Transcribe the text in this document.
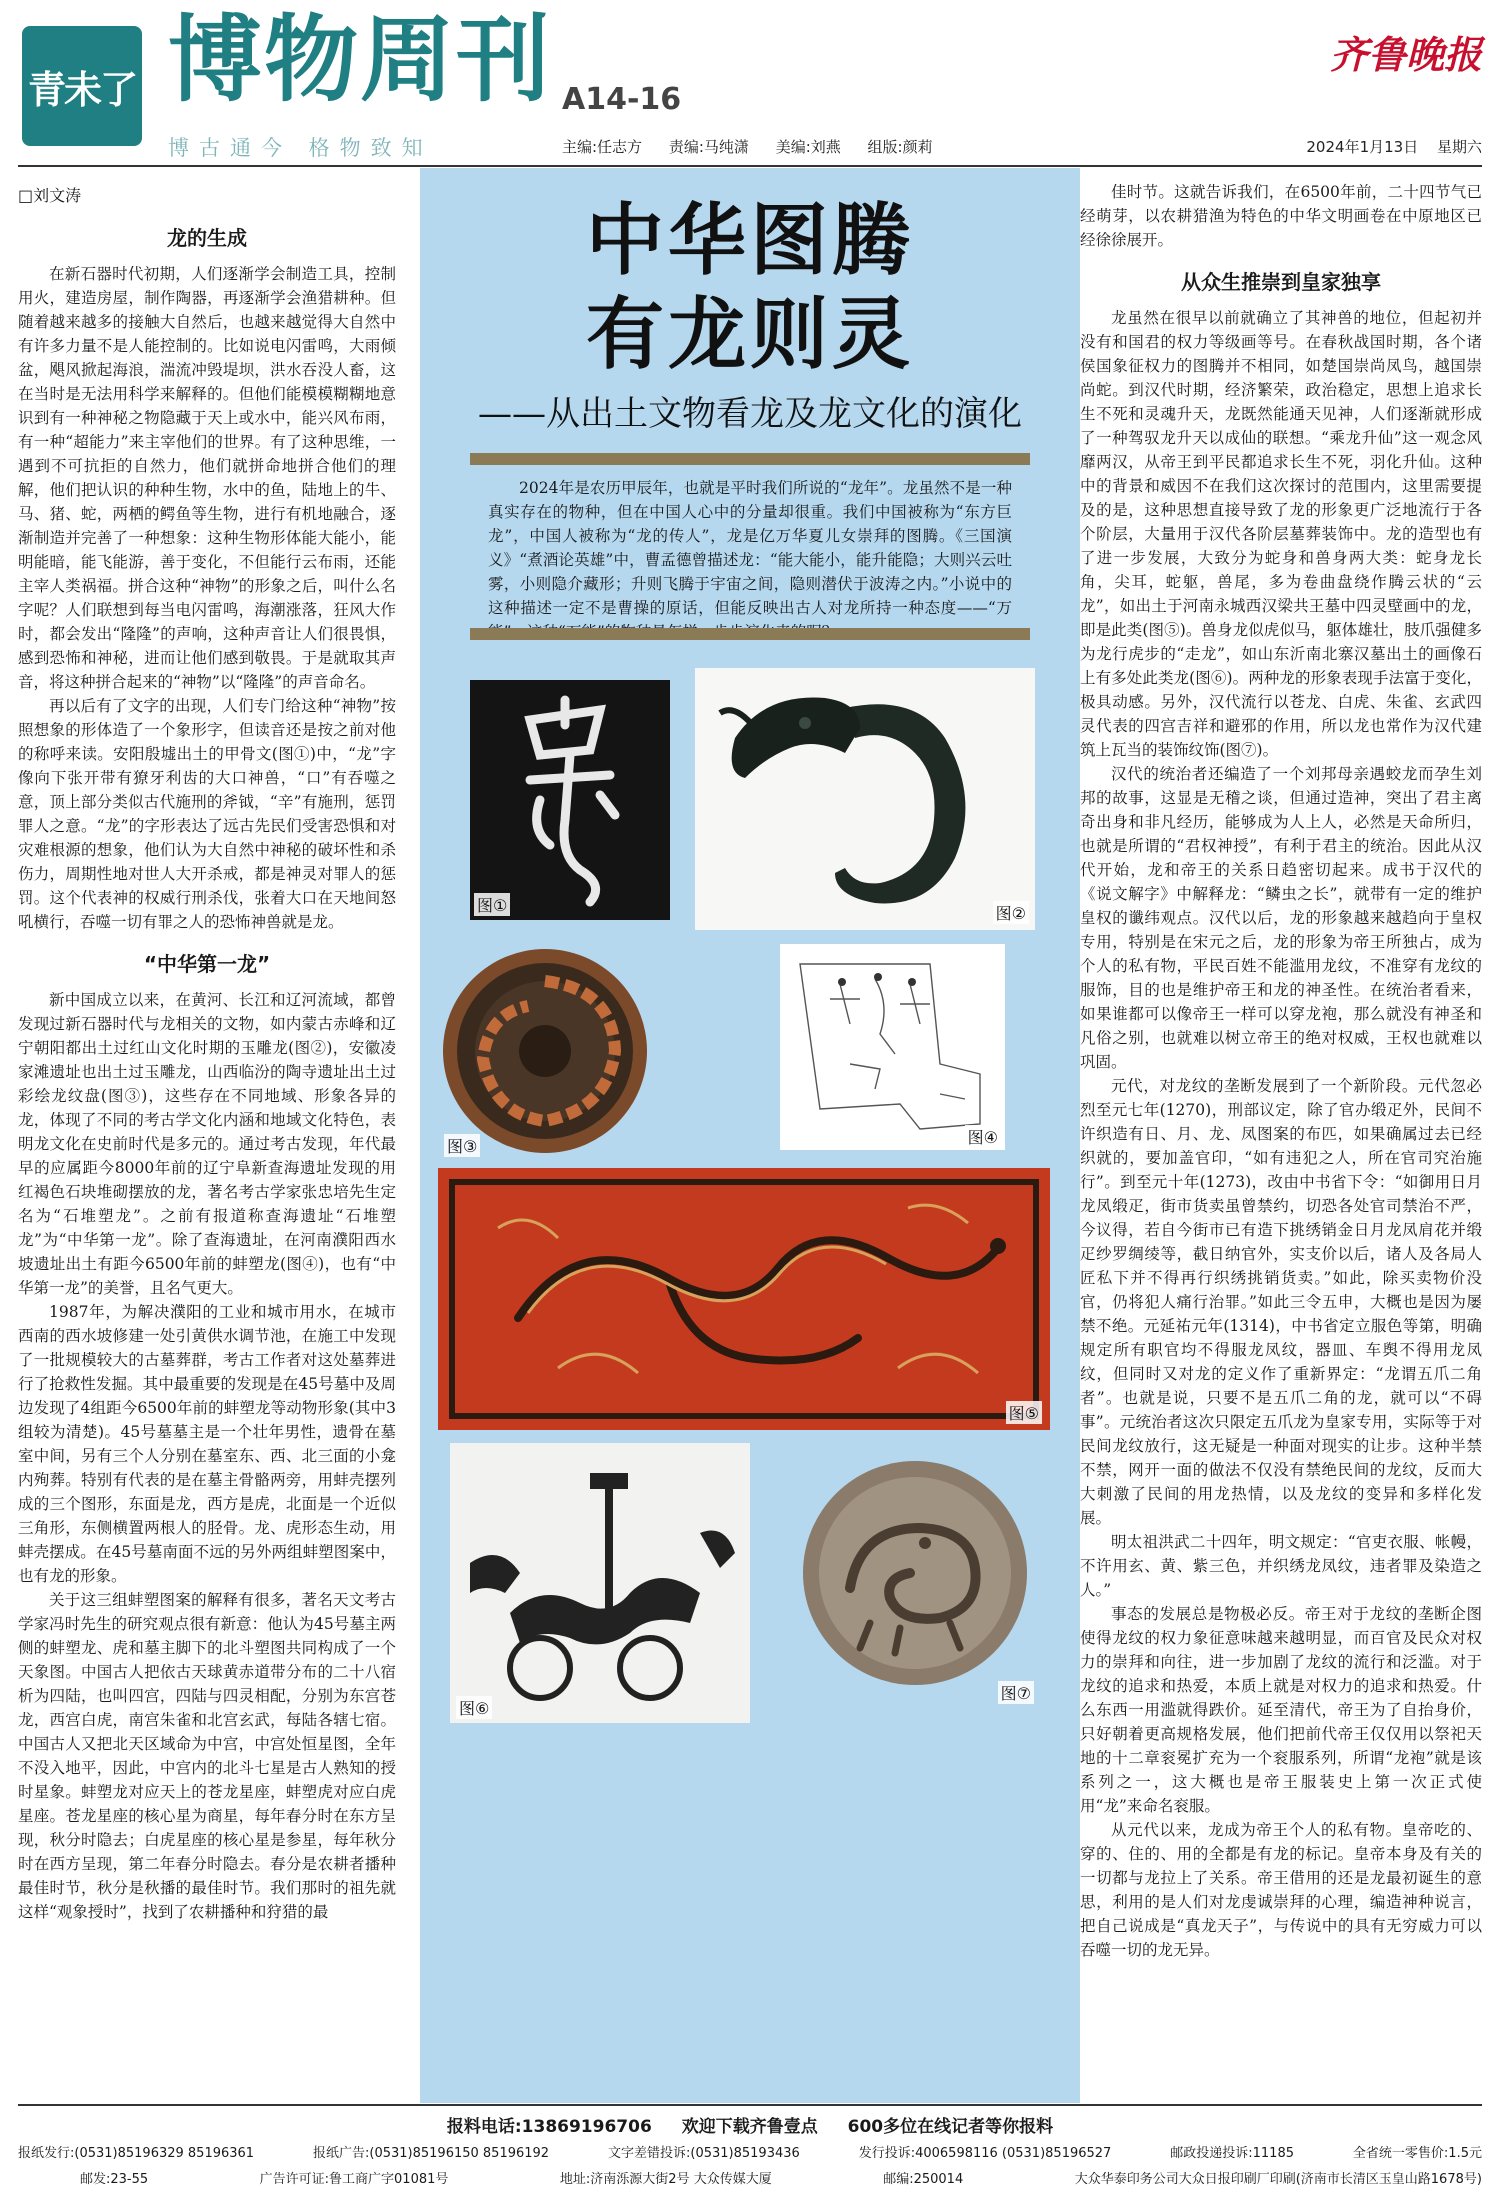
青未了 博物周刊 A14-16
齐鲁晚报
博古通今 格物致知	主编:任志方 责编:马纯潇 美编:刘燕 组版:颜莉	2024年1月13日 星期六
□刘文涛
龙的生成

在新石器时代初期，人们逐渐学会制造工具，控制用火，建造房屋，制作陶器，再逐渐学会渔猎耕种。但随着越来越多的接触大自然后，也越来越觉得大自然中有许多力量不是人能控制的。比如说电闪雷鸣，大雨倾盆，飓风掀起海浪，湍流冲毁堤坝，洪水吞没人畜，这在当时是无法用科学来解释的。但他们能模模糊糊地意识到有一种神秘之物隐藏于天上或水中，能兴风布雨，有一种“超能力”来主宰他们的世界。有了这种思维，一遇到不可抗拒的自然力，他们就拼命地拼合他们的理解，他们把认识的种种生物，水中的鱼，陆地上的牛、马、猪、蛇，两栖的鳄鱼等生物，进行有机地融合，逐渐制造并完善了一种想象：这种生物形体能大能小，能明能暗，能飞能游，善于变化，不但能行云布雨，还能主宰人类祸福。拼合这种“神物”的形象之后，叫什么名字呢？人们联想到每当电闪雷鸣，海潮涨落，狂风大作时，都会发出“隆隆”的声响，这种声音让人们很畏惧，感到恐怖和神秘，进而让他们感到敬畏。于是就取其声音，将这种拼合起来的“神物”以“隆隆”的声音命名。

再以后有了文字的出现，人们专门给这种“神物”按照想象的形体造了一个象形字，但读音还是按之前对他的称呼来读。安阳殷墟出土的甲骨文(图①)中，“龙”字像向下张开带有獠牙利齿的大口神兽，“口”有吞噬之意，顶上部分类似古代施刑的斧钺，“辛”有施刑，惩罚罪人之意。“龙”的字形表达了远古先民们受害恐惧和对灾难根源的想象，他们认为大自然中神秘的破坏性和杀伤力，周期性地对世人大开杀戒，都是神灵对罪人的惩罚。这个代表神的权威行刑杀伐，张着大口在天地间怒吼横行，吞噬一切有罪之人的恐怖神兽就是龙。

“中华第一龙”

新中国成立以来，在黄河、长江和辽河流域，都曾发现过新石器时代与龙相关的文物，如内蒙古赤峰和辽宁朝阳都出土过红山文化时期的玉雕龙(图②)，安徽凌家滩遗址也出土过玉雕龙，山西临汾的陶寺遗址出土过彩绘龙纹盘(图③)，这些存在不同地域、形象各异的龙，体现了不同的考古学文化内涵和地域文化特色，表明龙文化在史前时代是多元的。通过考古发现，年代最早的应属距今8000年前的辽宁阜新查海遗址发现的用红褐色石块堆砌摆放的龙，著名考古学家张忠培先生定名为“石堆塑龙”。之前有报道称查海遗址“石堆塑龙”为“中华第一龙”。除了查海遗址，在河南濮阳西水坡遗址出土有距今6500年前的蚌塑龙(图④)，也有“中华第一龙”的美誉，且名气更大。

1987年，为解决濮阳的工业和城市用水，在城市西南的西水坡修建一处引黄供水调节池，在施工中发现了一批规模较大的古墓葬群，考古工作者对这处墓葬进行了抢救性发掘。其中最重要的发现是在45号墓中及周边发现了4组距今6500年前的蚌塑龙等动物形象(其中3组较为清楚)。45号墓墓主是一个壮年男性，遗骨在墓室中间，另有三个人分别在墓室东、西、北三面的小龛内殉葬。特别有代表的是在墓主骨骼两旁，用蚌壳摆列成的三个图形，东面是龙，西方是虎，北面是一个近似三角形，东侧横置两根人的胫骨。龙、虎形态生动，用蚌壳摆成。在45号墓南面不远的另外两组蚌塑图案中，也有龙的形象。

关于这三组蚌塑图案的解释有很多，著名天文考古学家冯时先生的研究观点很有新意：他认为45号墓主两侧的蚌塑龙、虎和墓主脚下的北斗塑图共同构成了一个天象图。中国古人把依古天球黄赤道带分布的二十八宿析为四陆，也叫四宫，四陆与四灵相配，分别为东宫苍龙，西宫白虎，南宫朱雀和北宫玄武，每陆各辖七宿。中国古人又把北天区域命为中宫，中宫处恒星图，全年不没入地平，因此，中宫内的北斗七星是古人熟知的授时星象。蚌塑龙对应天上的苍龙星座，蚌塑虎对应白虎星座。苍龙星座的核心星为商星，每年春分时在东方呈现，秋分时隐去；白虎星座的核心星是参星，每年秋分时在西方呈现，第二年春分时隐去。春分是农耕者播种最佳时节，秋分是秋播的最佳时节。我们那时的祖先就这样“观象授时”，找到了农耕播种和狩猎的最

中华图腾
有龙则灵
——从出土文物看龙及龙文化的演化
2024年是农历甲辰年，也就是平时我们所说的“龙年”。龙虽然不是一种真实存在的物种，但在中国人心中的分量却很重。我们中国被称为“东方巨龙”，中国人被称为“龙的传人”，龙是亿万华夏儿女崇拜的图腾。《三国演义》“煮酒论英雄”中，曹孟德曾描述龙：“能大能小，能升能隐；大则兴云吐雾，小则隐介藏形；升则飞腾于宇宙之间，隐则潜伏于波涛之内。”小说中的这种描述一定不是曹操的原话，但能反映出古人对龙所持一种态度——“万
图①	图②
图③	图④
图⑤
图⑥
图⑦

佳时节。这就告诉我们，在6500年前，二十四节气已经萌芽，以农耕猎渔为特色的中华文明画卷在中原地区已经徐徐展开。

从众生推崇到皇家独享

龙虽然在很早以前就确立了其神兽的地位，但起初并没有和国君的权力等级画等号。在春秋战国时期，各个诸侯国象征权力的图腾并不相同，如楚国崇尚凤鸟，越国崇尚蛇。到汉代时期，经济繁荣，政治稳定，思想上追求长生不死和灵魂升天，龙既然能通天见神，人们逐渐就形成了一种驾驭龙升天以成仙的联想。“乘龙升仙”这一观念风靡两汉，从帝王到平民都追求长生不死，羽化升仙。这种中的背景和威因不在我们这次探讨的范围内，这里需要提及的是，这种思想直接导致了龙的形象更广泛地流行于各个阶层，大量用于汉代各阶层墓葬装饰中。龙的造型也有了进一步发展，大致分为蛇身和兽身两大类：蛇身龙长角，尖耳，蛇躯，兽尾，多为卷曲盘绕作腾云状的“云龙”，如出土于河南永城西汉梁共王墓中四灵壁画中的龙，即是此类(图⑤)。兽身龙似虎似马，躯体雄壮，肢爪强健多为龙行虎步的“走龙”，如山东沂南北寨汉墓出土的画像石上有多处此类龙(图⑥)。两种龙的形象表现手法富于变化，极具动感。另外，汉代流行以苍龙、白虎、朱雀、玄武四灵代表的四宫吉祥和避邪的作用，所以龙也常作为汉代建筑上瓦当的装饰纹饰(图⑦)。

汉代的统治者还编造了一个刘邦母亲遇蛟龙而孕生刘邦的故事，这显是无稽之谈，但通过造神，突出了君主离奇出身和非凡经历，能够成为人上人，必然是天命所归，也就是所谓的“君权神授”，有利于君主的统治。因此从汉代开始，龙和帝王的关系日趋密切起来。成书于汉代的《说文解字》中解释龙：“鳞虫之长”，就带有一定的维护皇权的谶纬观点。汉代以后，龙的形象越来越趋向于皇权专用，特别是在宋元之后，龙的形象为帝王所独占，成为个人的私有物，平民百姓不能滥用龙纹，不准穿有龙纹的服饰，目的也是维护帝王和龙的神圣性。在统治者看来，如果谁都可以像帝王一样可以穿龙袍，那么就没有神圣和凡俗之别，也就难以树立帝王的绝对权威，王权也就难以巩固。

元代，对龙纹的垄断发展到了一个新阶段。元代忽必烈至元七年(1270)，刑部议定，除了官办缎疋外，民间不许织造有日、月、龙、凤图案的布匹，如果确属过去已经织就的，要加盖官印，“如有违犯之人，所在官司究治施行”。到至元十年(1273)，改由中书省下令：“如御用日月龙凤缎疋，街市货卖虽曾禁约，切恐各处官司禁治不严，今议得，若自今街市已有造下挑绣销金日月龙凤肩花并缎疋纱罗绸绫等，截日纳官外，实支价以后，诸人及各局人匠私下并不得再行织绣挑销货卖。”如此，除买卖物价没官，仍将犯人痛行治罪。”如此三令五申，大概也是因为屡禁不绝。元延祐元年(1314)，中书省定立服色等第，明确规定所有职官均不得服龙凤纹，器皿、车舆不得用龙凤纹，但同时又对龙的定义作了重新界定：“龙谓五爪二角者”。也就是说，只要不是五爪二角的龙，就可以“不碍事”。元统治者这次只限定五爪龙为皇家专用，实际等于对民间龙纹放行，这无疑是一种面对现实的让步。这种半禁不禁，网开一面的做法不仅没有禁绝民间的龙纹，反而大大刺激了民间的用龙热情，以及龙纹的变异和多样化发展。

明太祖洪武二十四年，明文规定：“官吏衣服、帐幔，不许用玄、黄、紫三色，并织绣龙凤纹，违者罪及染造之人。”

事态的发展总是物极必反。帝王对于龙纹的垄断企图使得龙纹的权力象征意味越来越明显，而百官及民众对权力的崇拜和向往，进一步加剧了龙纹的流行和泛滥。对于龙纹的追求和热爱，本质上就是对权力的追求和热爱。什么东西一用滥就得跌价。延至清代，帝王为了自抬身价，只好朝着更高规格发展，他们把前代帝王仅仅用以祭祀天地的十二章衮冕扩充为一个衮服系列，所谓“龙袍”就是该系列之一，这大概也是帝王服装史上第一次正式使用“龙”来命名衮服。

从元代以来，龙成为帝王个人的私有物。皇帝吃的、穿的、住的、用的全都是有龙的标记。皇帝本身及有关的一切都与龙拉上了关系。帝王借用的还是龙最初诞生的意思，利用的是人们对龙虔诚崇拜的心理，编造神种说言，把自己说成是“真龙天子”，与传说中的具有无穷威力可以吞噬一切的龙无异。

报料电话:13869196706 欢迎下载齐鲁壹点 600多位在线记者等你报料
报纸发行:(0531)85196329 85196361	报纸广告:(0531)85196150 85196192	文字差错投诉:(0531)85193436	发行投诉:4006598116 (0531)85196527	邮政投递投诉:11185	全省统一零售价:1.5元
邮发:23-55	广告许可证:鲁工商广字01081号	地址:济南泺源大街2号 大众传媒大厦	邮编:250014	大众华泰印务公司大众日报印刷厂印刷(济南市长清区玉皇山路1678号)
